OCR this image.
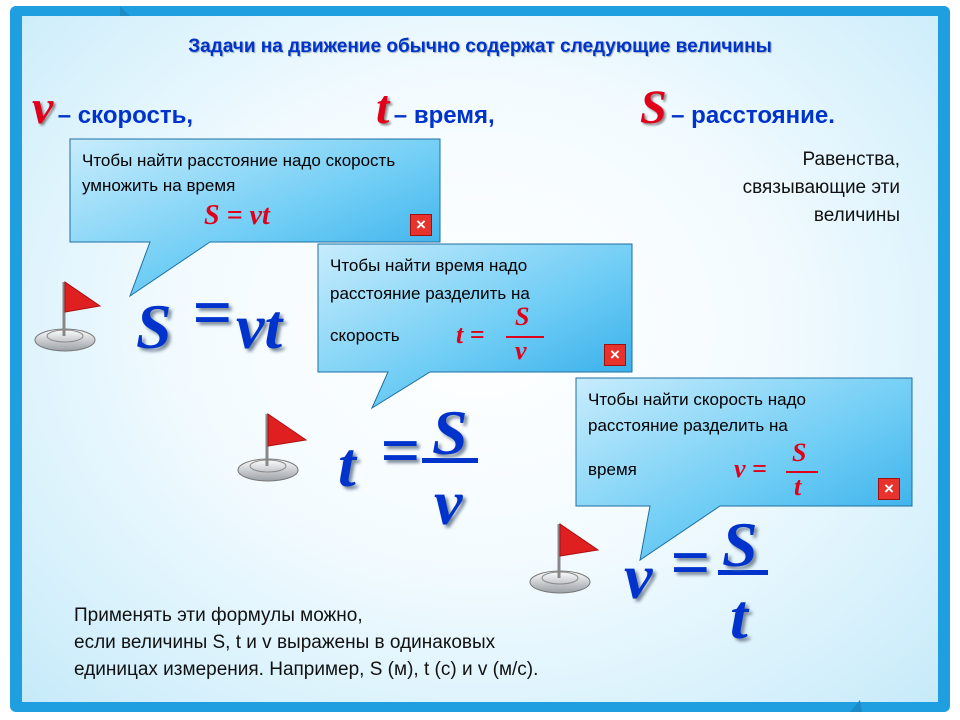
Задачи на движение обычно содержат следующие величины
v – скорость,	t – время,	S – расстояние.
Равенства, связывающие эти величины
Чтобы найти расстояние надо скорость умножить на время
S = vt	×
Чтобы найти время надо
расстояние разделить на
скорость t =
S
v	×
Чтобы найти скорость надо
расстояние разделить на
время	v =
S
t	×
S = vt
t = S
v
v = S
t
Применять эти формулы можно,
если величины S, t и v выражены в одинаковых
единицах измерения. Например, S (м), t (с) и v (м/с).
